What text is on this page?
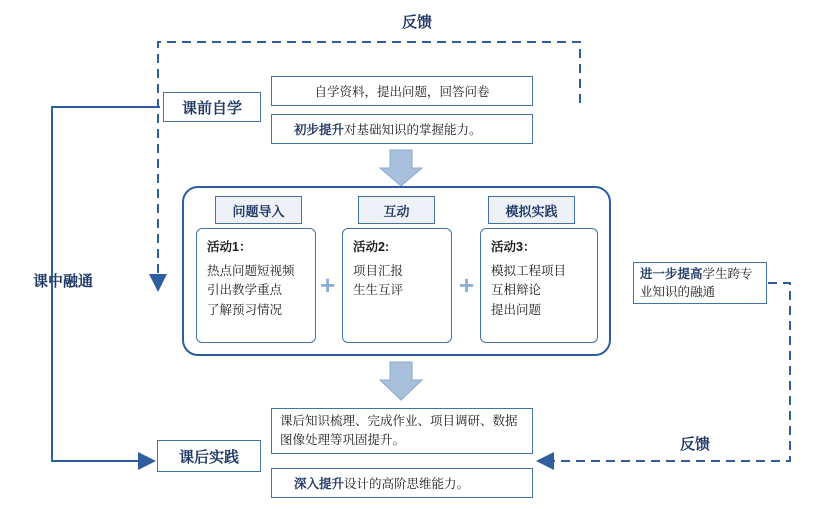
反馈
反馈
课前自学
课中融通
课后实践
自学资料，提出问题，回答问卷
初步提升对基础知识的掌握能力。
问题导入	互动	模拟实践
活动1：
热点问题短视频
引出教学重点
了解预习情况
+
活动2:
项目汇报
生生互评	+
活动3：
模拟工程项目
互相辩论
提出问题
进一步提高学生跨专业知识的融通
课后知识梳理、完成作业、项目调研、数据图像处理等巩固提升。
深入提升设计的高阶思维能力。
